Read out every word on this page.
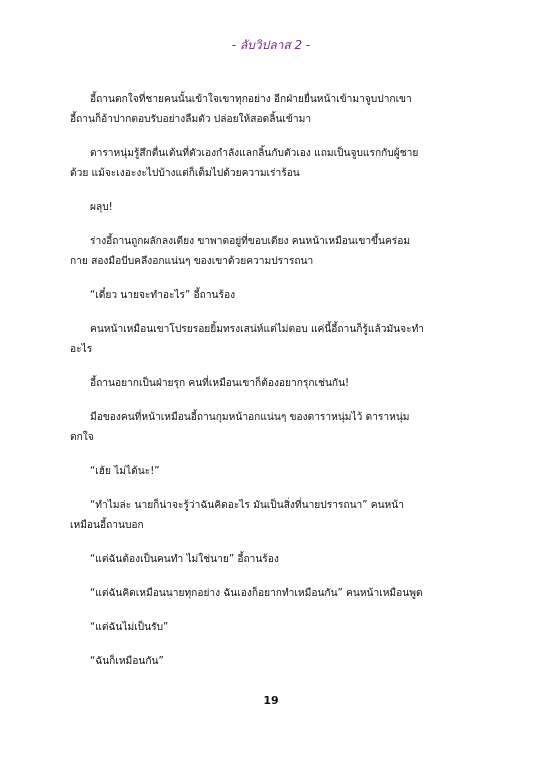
- ลับวิปลาส 2 -

อี้ถานตกใจที่ชายคนนั้นเข้าใจเขาทุกอย่าง อีกฝ่ายยื่นหน้าเข้ามาจูบปากเขา
อี้ถานก็อ้าปากตอบรับอย่างลืมตัว ปล่อยให้สอดลิ้นเข้ามา

ดาราหนุ่มรู้สึกตื่นเต้นที่ตัวเองกำลังแลกลิ้นกับตัวเอง แถมเป็นจูบแรกกับผู้ชาย
ด้วย แม้จะเงอะงะไปบ้างแต่ก็เต็มไปด้วยความเร่าร้อน

ผลุบ!

ร่างอี้ถานถูกผลักลงเตียง ขาพาดอยู่ที่ขอบเตียง คนหน้าเหมือนเขาขึ้นคร่อม
กาย สองมือบีบคลึงอกแน่นๆ ของเขาด้วยความปรารถนา

“เดี๋ยว นายจะทำอะไร” อี้ถานร้อง

คนหน้าเหมือนเขาโปรยรอยยิ้มทรงเสน่ห์แต่ไม่ตอบ แค่นี้อี้ถานก็รู้แล้วมันจะทำ
อะไร

อี้ถานอยากเป็นฝ่ายรุก คนที่เหมือนเขาก็ต้องอยากรุกเช่นกัน!

มือของคนที่หน้าเหมือนอี้ถานกุมหน้าอกแน่นๆ ของดาราหนุ่มไว้ ดาราหนุ่ม
ตกใจ

“เฮ้ย ไม่ได้นะ!”

“ทำไมล่ะ นายก็น่าจะรู้ว่าฉันคิดอะไร มันเป็นสิ่งที่นายปรารถนา” คนหน้า
เหมือนอี้ถานบอก

“แต่ฉันต้องเป็นคนทำ ไม่ใช่นาย” อี้ถานร้อง

“แต่ฉันคิดเหมือนนายทุกอย่าง ฉันเองก็อยากทำเหมือนกัน” คนหน้าเหมือนพูด

“แต่ฉันไม่เป็นรับ”

“ฉันก็เหมือนกัน”

19
